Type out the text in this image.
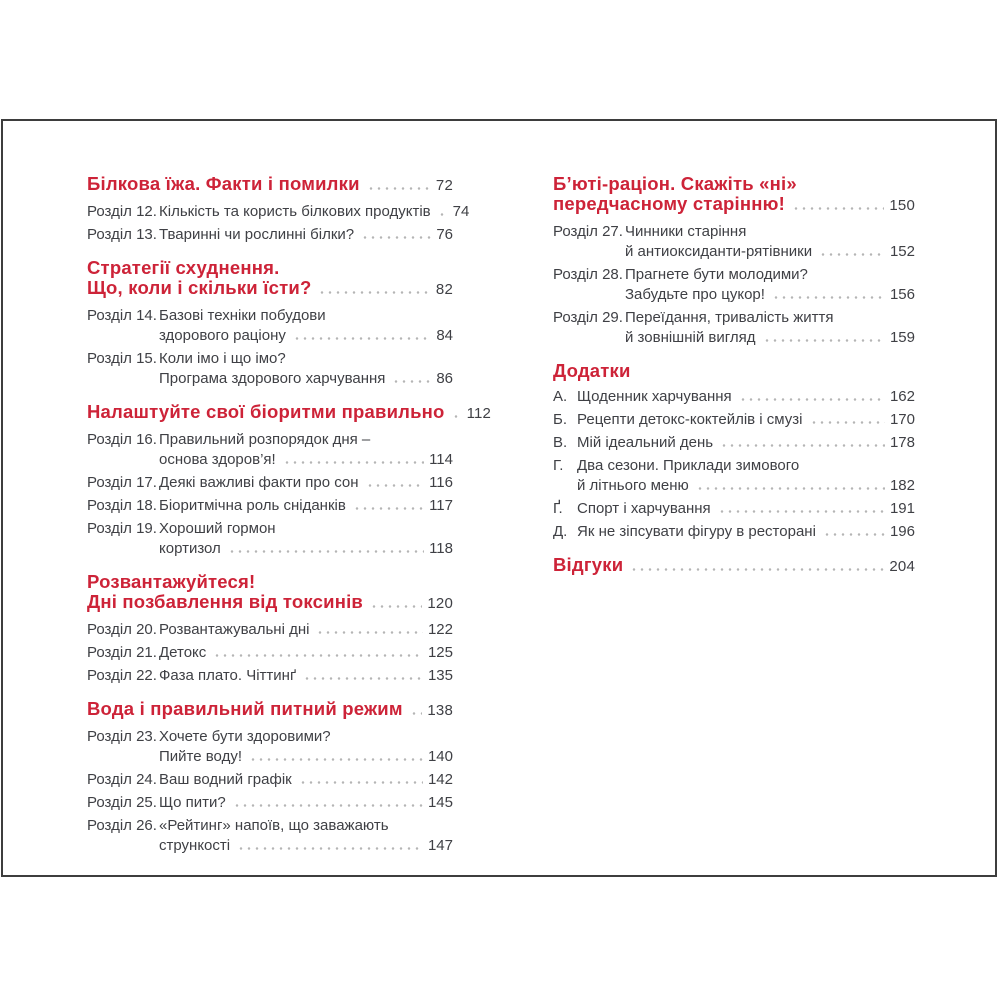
Білкова їжа. Факти і помилки	72
Розділ 12. Кількість та користь білкових продуктів 74
Розділ 13. Тваринні чи рослинні білки?	76
Стратегії схуднення.
Що, коли і скільки їсти?	82
Розділ 14. Базові техніки побудови
здорового раціону	84
Розділ 15. Коли імо і що імо?
Програма здорового харчування	86
Налаштуйте свої біоритми правильно 112
Розділ 16. Правильний розпорядок дня –
основа здоров’я!	114
Розділ 17. Деякі важливі факти про сон	116
Розділ 18. Біоритмічна роль сніданків	117
Розділ 19. Хороший гормон
кортизол	118
Розвантажуйтеся!
Дні позбавлення від токсинів	120
Розділ 20. Розвантажувальні дні	122
Розділ 21. Детокс	125
Розділ 22. Фаза плато. Чіттинґ	135
Вода і правильний питний режим 138
Розділ 23. Хочете бути здоровими?
Пийте воду!	140
Розділ 24. Ваш водний графік	142
Розділ 25. Що пити?	145
Розділ 26. «Рейтинг» напоїв, що заважають
стрункості	147
Б’юті-раціон. Скажіть «ні»
передчасному старінню!	150
Розділ 27. Чинники старіння
й антиоксиданти-рятівники	152
Розділ 28. Прагнете бути молодими?
Забудьте про цукор!	156
Розділ 29. Переїдання, тривалість життя
й зовнішній вигляд	159
Додатки
А. Щоденник харчування	162
Б. Рецепти детокс-коктейлів і смузі	170
В. Мій ідеальний день	178
Г. Два сезони. Приклади зимового
й літнього меню	182
Ґ. Спорт і харчування	191
Д. Як не зіпсувати фігуру в ресторані	196
Відгуки	204
